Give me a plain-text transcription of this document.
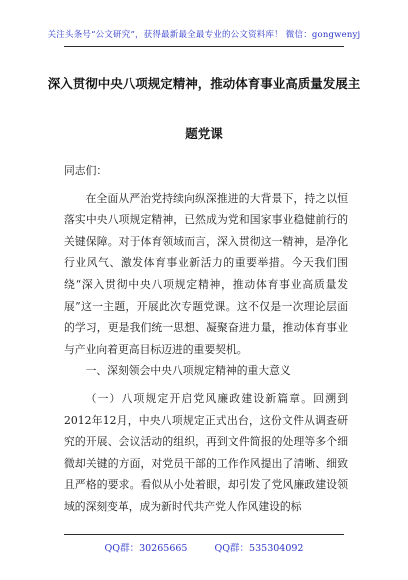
关注头条号“公文研究”，获得最新最全最专业的公文资料库！ 微信：gongwenyj
深入贯彻中央八项规定精神，推动体育事业高质量发展主
题党课

同志们：

在全面从严治党持续向纵深推进的大背景下，持之以恒落实中央八项规定精神，已然成为党和国家事业稳健前行的关键保障。对于体育领域而言，深入贯彻这一精神，是净化行业风气、激发体育事业新活力的重要举措。今天我们围绕“深入贯彻中央八项规定精神，推动体育事业高质量发展”这一主题，开展此次专题党课。这不仅是一次理论层面的学习，更是我们统一思想、凝聚奋进力量，推动体育事业与产业向着更高目标迈进的重要契机。

一、深刻领会中央八项规定精神的重大意义

（一）八项规定开启党风廉政建设新篇章。回溯到2012年12月，中央八项规定正式出台，这份文件从调查研究的开展、会议活动的组织，再到文件简报的处理等多个细微却关键的方面，对党员干部的工作作风提出了清晰、细致且严格的要求。看似从小处着眼，却引发了党风廉政建设领域的深刻变革，成为新时代共产党人作风建设的标

QQ群：30265665	QQ群：535304092
